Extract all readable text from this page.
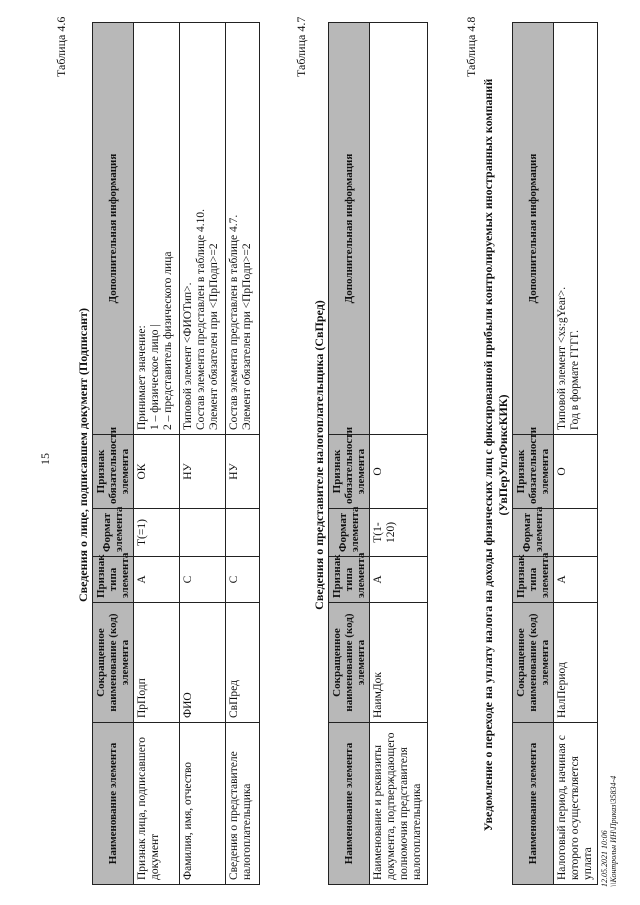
15
Таблица 4.6
Сведения о лице, подписавшем документ (Подписант)
Наименование элемента	Сокращенное наименование (код) элемента	Признак типа элемента	Формат элемента	Признак обязательности элемента	Дополнительная информация
Признак лица, подписавшего документ	ПрПодп	А	T(=1)	ОК	Принимает значение: 1 – физическое лицо | 2 – представитель физического лица

Фамилия, имя, отчество	ФИО	С		НУ	Типовой элемент <ФИОТип>. Состав элемента представлен в таблице 4.10. Элемент обязателен при <ПрПодп>=2

Сведения о представителе налогоплательщика	СвПред	С		НУ	Состав элемента представлен в таблице 4.7. Элемент обязателен при <ПрПодп>=2
Таблица 4.7
Сведения о представителе налогоплательщика (СвПред)
Наименование элемента	Сокращенное наименование (код) элемента	Признак типа элемента	Формат элемента	Признак обязательности элемента	Дополнительная информация
Наименование и реквизиты документа, подтверждающего полномочия представителя налогоплательщика	НаимДок	А	T(1-120)	О	
Таблица 4.8
Уведомление о переходе на уплату налога на доходы физических лиц с фиксированной прибыли контролируемых иностранных компаний (УвПерУплФиксКИК)
Наименование элемента	Сокращенное наименование (код) элемента	Признак типа элемента	Формат элемента	Признак обязательности элемента	Дополнительная информация
Налоговый период, начиная с которого осуществляется уплата	НалПериод	А		О	Типовой элемент <xs:gYear>. Год в формате ГГГГ.
12.05.2021 10:06 \\Контрольн ИН\Приказ\35834-4
